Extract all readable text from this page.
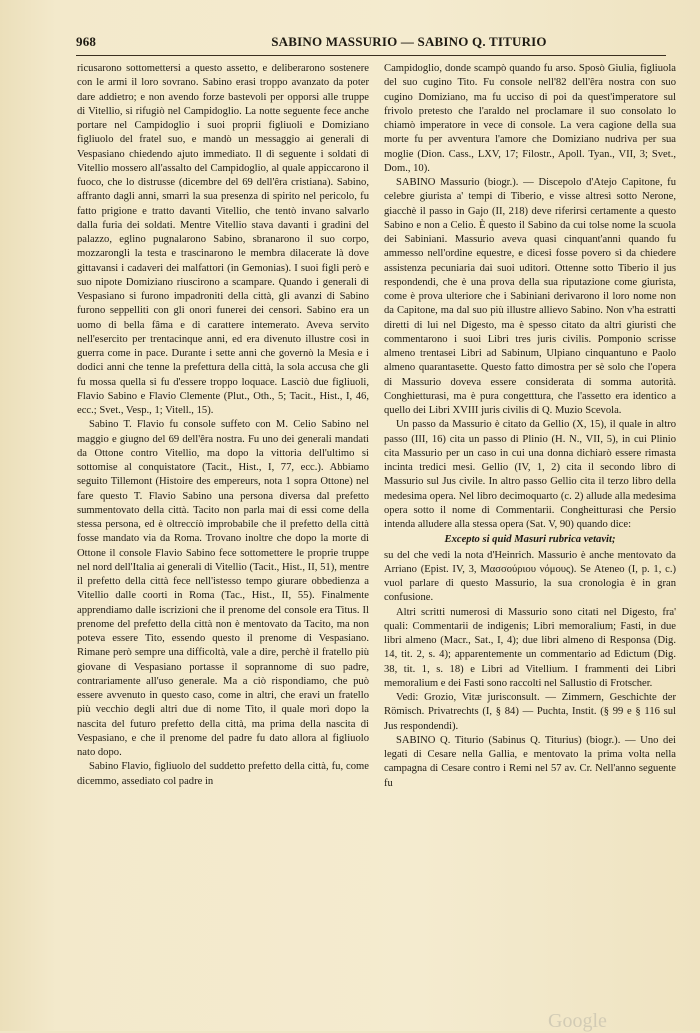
968	SABINO MASSURIO — SABINO Q. TITURIO

ricusarono sottomettersi a questo assetto, e deliberarono sostenere con le armi il loro sovrano. Sabino erasi troppo avanzato da poter dare addietro; e non avendo forze bastevoli per opporsi alle truppe di Vitellio, si rifugiò nel Campidoglio. La notte seguente fece anche portare nel Campidoglio i suoi proprii figliuoli e Domiziano figliuolo del fratel suo, e mandò un messaggio ai generali di Vespasiano chiedendo ajuto immediato. Il dì seguente i soldati di Vitellio mossero all'assalto del Campidoglio, al quale appiccarono il fuoco, che lo distrusse (dicembre del 69 dell'êra cristiana). Sabino, affranto dagli anni, smarrì la sua presenza di spirito nel pericolo, fu fatto prigione e tratto davanti Vitellio, che tentò invano salvarlo dalla furia dei soldati. Mentre Vitellio stava davanti i gradini del palazzo, eglino pugnalarono Sabino, sbranarono il suo corpo, mozzarongli la testa e trascinarono le membra dilacerate là dove gittavansi i cadaveri dei malfattori (in Gemonias). I suoi figli però e suo nipote Domiziano riuscirono a scampare. Quando i generali di Vespasiano si furono impadroniti della città, gli avanzi di Sabino furono seppelliti con gli onori funerei dei censori. Sabino era un uomo di bella fâma e di carattere intemerato. Aveva servito nell'esercito per trentacinque anni, ed era divenuto illustre così in guerra come in pace. Durante i sette anni che governò la Mesia e i dodici anni che tenne la prefettura della città, la sola accusa che gli fu mossa quella si fu d'essere troppo loquace. Lasciò due figliuoli, Flavio Sabino e Flavio Clemente (Plut., Oth., 5; Tacit., Hist., I, 46, ecc.; Svet., Vesp., 1; Vitell., 15).

Sabino T. Flavio fu console suffeto con M. Celio Sabino nel maggio e giugno del 69 dell'êra nostra. Fu uno dei generali mandati da Ottone contro Vitellio, ma dopo la vittoria dell'ultimo si sottomise al conquistatore (Tacit., Hist., I, 77, ecc.). Abbiamo seguito Tillemont (Histoire des empereurs, nota 1 sopra Ottone) nel fare questo T. Flavio Sabino una persona diversa dal prefetto summentovato della città. Tacito non parla mai di essi come della stessa persona, ed è oltreccíò improbabile che il prefetto della città fosse mandato via da Roma. Trovano inoltre che dopo la morte di Ottone il console Flavio Sabino fece sottomettere le proprie truppe nel nord dell'Italia ai generali di Vitellio (Tacit., Hist., II, 51), mentre il prefetto della città fece nell'istesso tempo giurare obbedienza a Vitellio dalle coorti in Roma (Tac., Hist., II, 55). Finalmente apprendiamo dalle iscrizioni che il prenome del console era Titus. Il prenome del prefetto della città non è mentovato da Tacito, ma non poteva essere Tito, essendo questo il prenome di Vespasiano. Rimane però sempre una difficoltà, vale a dire, perchè il fratello più giovane di Vespasiano portasse il soprannome di suo padre, contrariamente all'uso generale. Ma a ciò rispondiamo, che può essere avvenuto in questo caso, come in altri, che eravi un fratello più vecchio degli altri due di nome Tito, il quale morì dopo la nascita del futuro prefetto della città, ma prima della nascita di Vespasiano, e che il prenome del padre fu dato allora al figliuolo nato dopo.

Sabino Flavio, figliuolo del suddetto prefetto della città, fu, come dicemmo, assediato col padre in

Campidoglio, donde scampò quando fu arso. Sposò Giulia, figliuola del suo cugino Tito. Fu console nell'82 dell'êra nostra con suo cugino Domiziano, ma fu ucciso di poi da quest'imperatore sul frivolo pretesto che l'araldo nel proclamare il suo consolato lo chiamò imperatore in vece di console. La vera cagione della sua morte fu per avventura l'amore che Domiziano nudriva per sua moglie (Dion. Cass., LXV, 17; Filostr., Apoll. Tyan., VII, 3; Svet., Dom., 10).

SABINO Massurio (biogr.). — Discepolo d'Atejo Capitone, fu celebre giurista a' tempi di Tiberio, e visse altresì sotto Nerone, giacchè il passo in Gajo (II, 218) deve riferirsi certamente a questo Sabino e non a Celio. È questo il Sabino da cui tolse nome la scuola dei Sabiniani. Massurio aveva quasi cinquant'anni quando fu ammesso nell'ordine equestre, e dicesi fosse povero sì da chiedere assistenza pecuniaria dai suoi uditori. Ottenne sotto Tiberio il jus respondendi, che è una prova della sua riputazione come giurista, come è prova ulteriore che i Sabiniani derivarono il loro nome non da Capitone, ma dal suo più illustre allievo Sabino. Non v'ha estratti diretti di lui nel Digesto, ma è spesso citato da altri giuristi che commentarono i suoi Libri tres juris civilis. Pomponio scrisse almeno trentasei Libri ad Sabinum, Ulpiano cinquantuno e Paolo almeno quarantasette. Questo fatto dimostra per sè solo che l'opera di Massurio doveva essere considerata di somma autorità. Conghietturasi, ma è pura congetttura, che l'assetto era identico a quello dei Libri XVIII juris civilis di Q. Muzio Scevola.

Un passo da Massurio è citato da Gellio (X, 15), il quale in altro passo (III, 16) cita un passo di Plinio (H. N., VII, 5), in cui Plinio cita Massurio per un caso in cui una donna dichiarò essere rimasta incinta tredici mesi. Gellio (IV, 1, 2) cita il secondo libro di Massurio sul Jus civile. In altro passo Gellio cita il terzo libro della medesima opera. Nel libro decimoquarto (c. 2) allude alla medesima opera sotto il nome di Commentarii. Congheitturasi che Persio intenda alludere alla stessa opera (Sat. V, 90) quando dice:

Excepto si quid Masuri rubrica vetavit;

su del che vedi la nota d'Heinrich. Massurio è anche mentovato da Arriano (Epist. IV, 3, Μασσούριου νόμους). Se Ateneo (I, p. 1, c.) vuol parlare di questo Massurio, la sua cronologia è in gran confusione.

Altri scritti numerosi di Massurio sono citati nel Digesto, fra' quali: Commentarii de indigenis; Libri memoralium; Fasti, in due libri almeno (Macr., Sat., I, 4); due libri almeno di Responsa (Dig. 14, tit. 2, s. 4); apparentemente un commentario ad Edictum (Dig. 38, tit. 1, s. 18) e Libri ad Vitellium. I frammenti dei Libri memoralium e dei Fasti sono raccolti nel Sallustio di Frotscher.

Vedi: Grozio, Vitæ jurisconsult. — Zimmern, Geschichte der Römisch. Privatrechts (I, § 84) — Puchta, Instit. (§ 99 e § 116 sul Jus respondendi).

SABINO Q. Titurio (Sabinus Q. Titurius) (biogr.). — Uno dei legati di Cesare nella Gallia, e mentovato la prima volta nella campagna di Cesare contro i Remi nel 57 av. Cr. Nell'anno seguente fu

Google
